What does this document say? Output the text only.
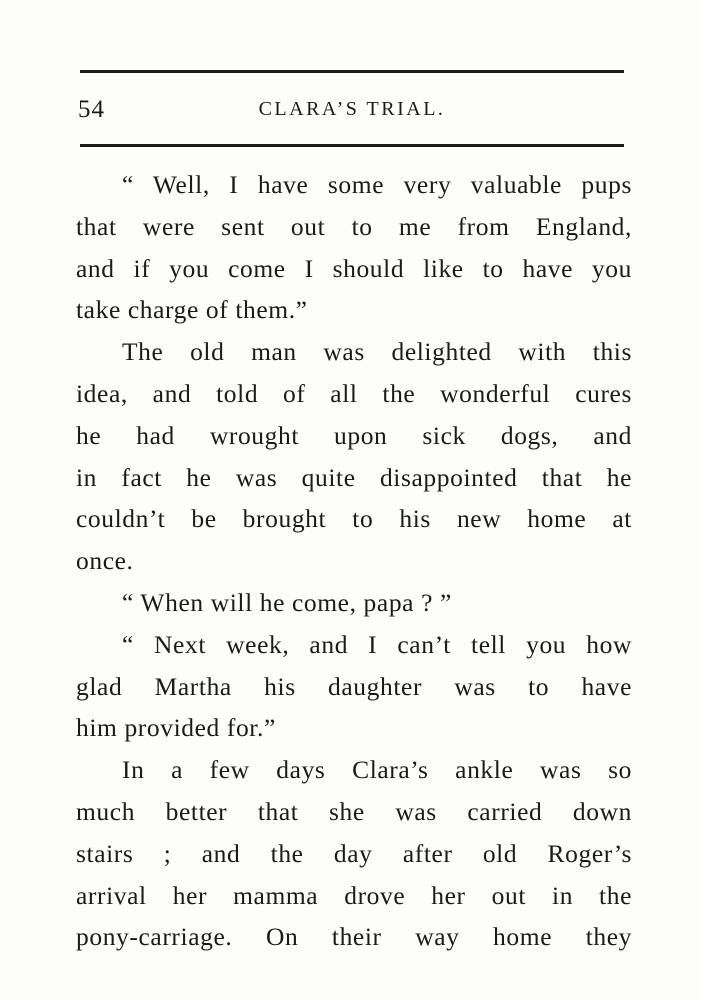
54	CLARA’S TRIAL.
“ Well, I have some very valuable pups
that were sent out to me from England,
and if you come I should like to have you
take charge of them.”
The old man was delighted with this
idea, and told of all the wonderful cures
he had wrought upon sick dogs, and
in fact he was quite disappointed that he
couldn’t be brought to his new home at
once.
“ When will he come, papa ? ”
“ Next week, and I can’t tell you how
glad Martha his daughter was to have
him provided for.”
In a few days Clara’s ankle was so
much better that she was carried down
stairs ; and the day after old Roger’s
arrival her mamma drove her out in the
pony-carriage. On their way home they
